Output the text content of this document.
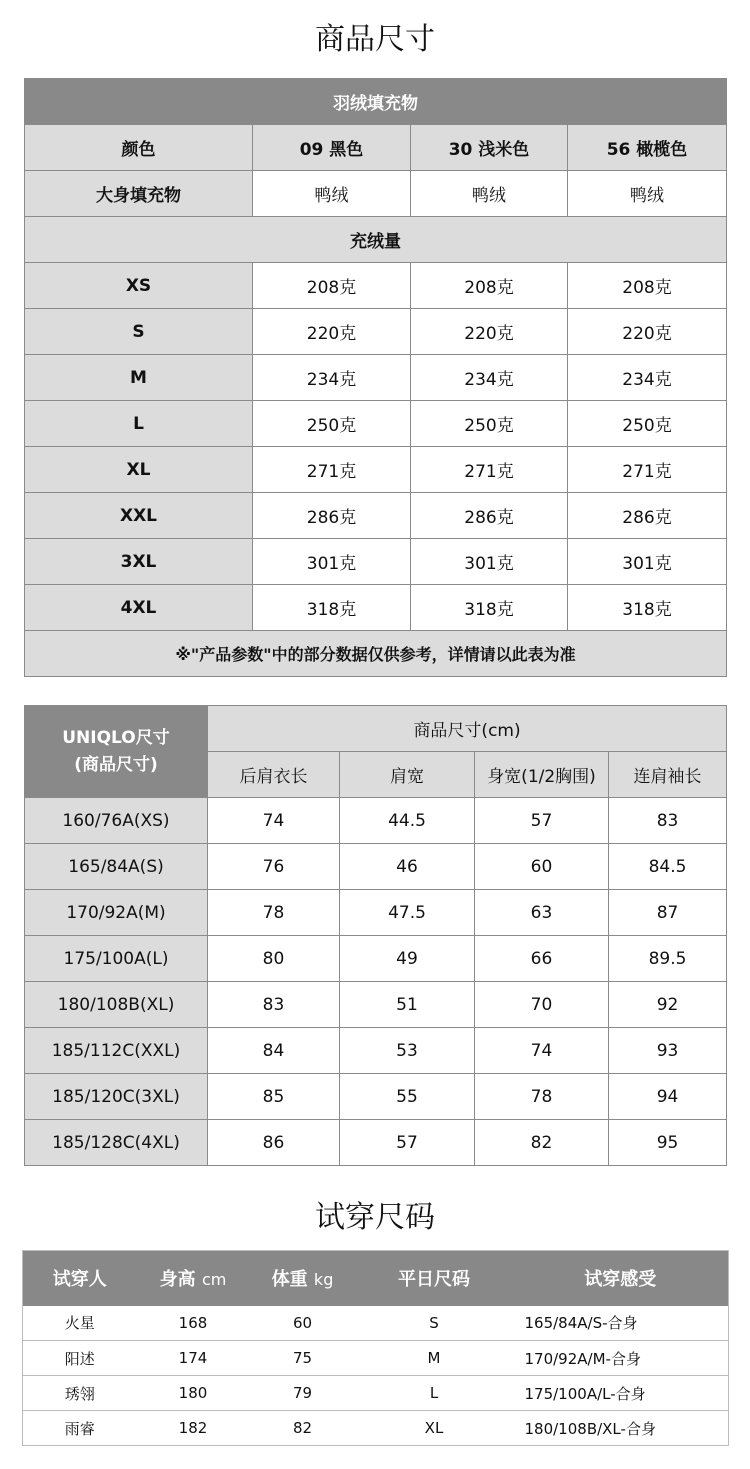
商品尺寸
羽绒填充物			
颜色	09 黑色	30 浅米色	56 橄榄色
大身填充物	鸭绒	鸭绒	鸭绒
充绒量			
XS	208克	208克	208克
S	220克	220克	220克
M	234克	234克	234克
L	250克	250克	250克
XL	271克	271克	271克
XXL	286克	286克	286克
3XL	301克	301克	301克
4XL	318克	318克	318克
※"产品参数"中的部分数据仅供参考，详情请以此表为准			
UNIQLO尺寸
(商品尺寸)	商品尺寸(cm)			
	后肩衣长	肩宽	身宽(1/2胸围)	连肩袖长
160/76A(XS)	74	44.5	57	83
165/84A(S)	76	46	60	84.5
170/92A(M)	78	47.5	63	87
175/100A(L)	80	49	66	89.5
180/108B(XL)	83	51	70	92
185/112C(XXL)	84	53	74	93
185/120C(3XL)	85	55	78	94
185/128C(4XL)	86	57	82	95
试穿尺码
试穿人	身高 cm	体重 kg	平日尺码	试穿感受
火星	168	60	S	165/84A/S-合身
阳述	174	75	M	170/92A/M-合身
琇翎	180	79	L	175/100A/L-合身
雨睿	182	82	XL	180/108B/XL-合身
